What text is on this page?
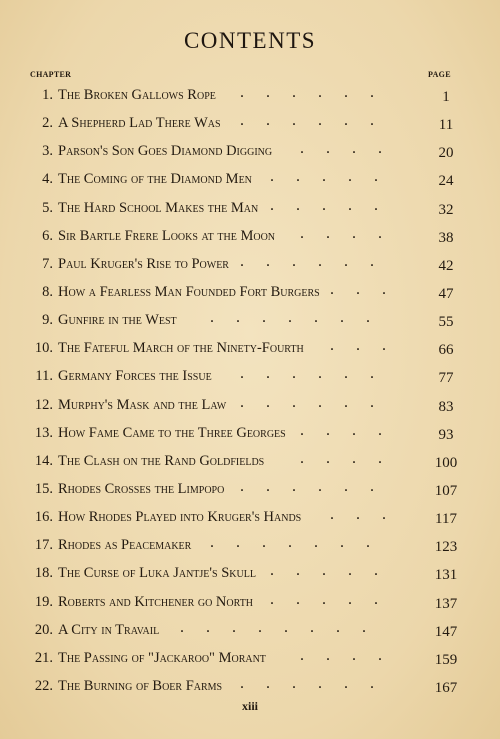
CONTENTS
CHAPTER	PAGE
1. The Broken Gallows Rope ......	1
2. A Shepherd Lad There Was ......	11
3. Parson's Son Goes Diamond Digging ....	20
4. The Coming of the Diamond Men .....	24
5. The Hard School Makes the Man .....	32
6. Sir Bartle Frere Looks at the Moon ....	38
7. Paul Kruger's Rise to Power ......	42
8. How a Fearless Man Founded Fort Burgers ...	47
9. Gunfire in the West .......	55
10. The Fateful March of the Ninety-Fourth ...	66
11. Germany Forces the Issue ......	77
12. Murphy's Mask and the Law ......	83
13. How Fame Came to the Three Georges ....	93
14. The Clash on the Rand Goldfields ....	100
15. Rhodes Crosses the Limpopo ......	107
16. How Rhodes Played into Kruger's Hands ...	117
17. Rhodes as Peacemaker .......	123
18. The Curse of Luka Jantje's Skull .....	131
19. Roberts and Kitchener go North .....	137
20. A City in Travail ........	147
21. The Passing of "Jackaroo" Morant ....	159
22. The Burning of Boer Farms ......	167
xiii
